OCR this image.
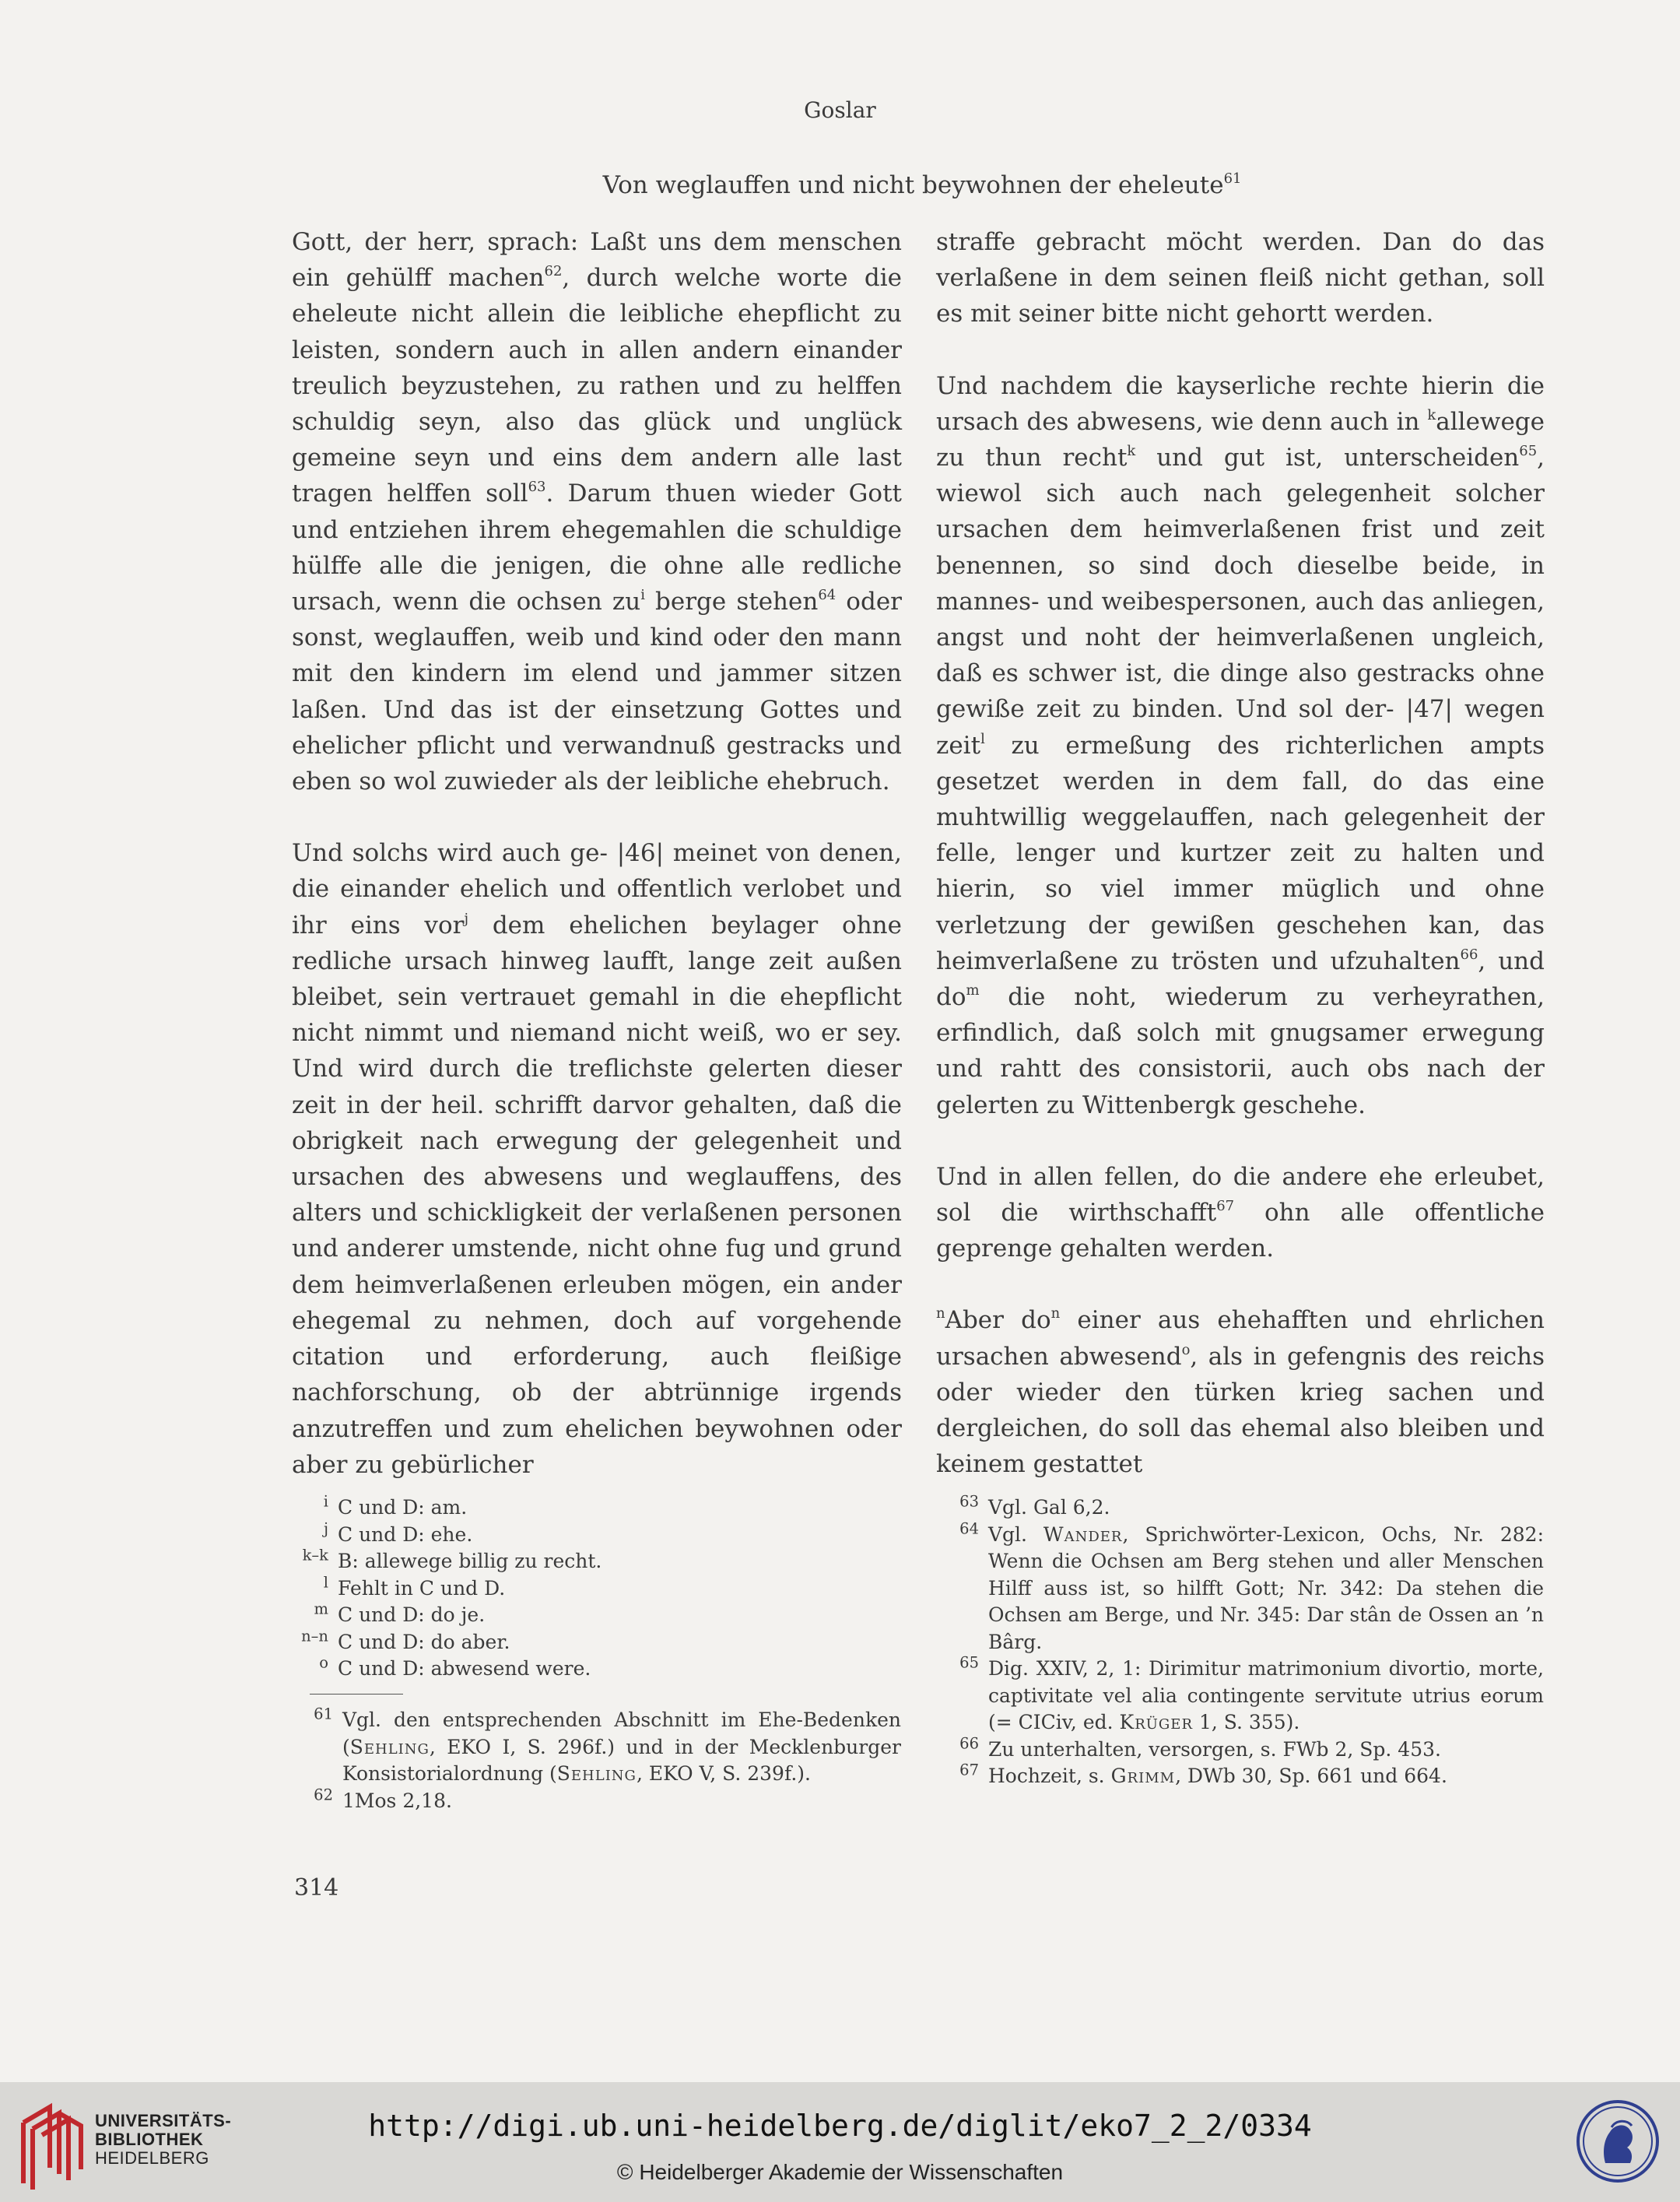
Goslar
Von weglauffen und nicht beywohnen der eheleute$^{61}$

Gott, der herr, sprach: Laßt uns dem menschen ein gehülff machen$^{62}$, durch welche worte die eheleute nicht allein die leibliche ehepflicht zu leisten, sondern auch in allen andern einander treulich beyzustehen, zu rathen und zu helffen schuldig seyn, also das glück und unglück gemeine seyn und eins dem andern alle last tragen helffen soll$^{63}$. Darum thuen wieder Gott und entziehen ihrem ehegemahlen die schuldige hülffe alle die jenigen, die ohne alle redliche ursach, wenn die ochsen $zu^i$ berge stehen$^{64}$ oder sonst, weglauffen, weib und kind oder den mann mit den kindern im elend und jammer sitzen laßen. Und das ist der einsetzung Gottes und ehelicher pflicht und verwandnuß gestracks und eben so wol zuwieder als der leibliche ehebruch.

Und solchs wird auch ge- |46| meinet von denen, die einander ehelich und offentlich verlobet und ihr eins vor$^j$ dem ehelichen beylager ohne redliche ursach hinweg laufft, lange zeit außen bleibet, sein vertrauet gemahl in die ehepflicht nicht nimmt und niemand nicht weiß, wo er sey. Und wird durch die treflichste gelerten dieser zeit in der heil. schrifft darvor gehalten, daß die obrigkeit nach erwegung der gelegenheit und ursachen des abwesens und weglauffens, des alters und schickligkeit der verlaßenen personen und anderer umstende, nicht ohne fug und grund dem heimverlaßenen erleuben mögen, ein ander ehegemal zu nehmen, doch auf vorgehende citation und erforderung, auch fleißige nachforschung, ob der abtrünnige irgends anzutreffen und zum ehelichen beywohnen oder aber zu gebürlicher

straffe gebracht möcht werden. Dan do das verlaßene in dem seinen fleiß nicht gethan, soll es mit seiner bitte nicht gehortt werden.

Und nachdem die kayserliche rechte hierin die ursach des abwesens, wie denn auch in $^k$allewege zu thun recht$^k$ und gut ist, unterscheiden$^{65}$, wiewol sich auch nach gelegenheit solcher ursachen dem heimverlaßenen frist und zeit benennen, so sind doch dieselbe beide, in mannes- und weibespersonen, auch das anliegen, angst und noht der heimverlaßenen ungleich, daß es schwer ist, die dinge also gestracks ohne gewiße zeit zu binden. Und sol der- |47| wegen zeit$^l$ zu ermeßung des richterlichen ampts gesetzet werden in dem fall, do das eine muhtwillig weggelauffen, nach gelegenheit der felle, lenger und kurtzer zeit zu halten und hierin, so viel immer müglich und ohne verletzung der gewißen geschehen kan, das heimverlaßene zu trösten und ufzuhalten$^{66}$, und $do^m$ die noht, wiederum zu verheyrathen, erfindlich, daß solch mit gnugsamer erwegung und rahtt des consistorii, auch obs nach der gelerten zu Wittenbergk geschehe.

Und in allen fellen, do die andere ehe erleubet, sol die wirthschafft$^{67}$ ohn alle offentliche geprenge gehalten werden.

$^n$Aber $do^n$ einer aus ehehafften und ehrlichen ursachen abwesend$^o$, als in gefengnis des reichs oder wieder den türken krieg sachen und dergleichen, do soll das ehemal also bleiben und keinem gestattet

$^i$ C und D: am.
$^j$ C und D: ehe.
$^{k-k}$ B: allewege billig zu recht.
$^l$ Fehlt in C und D.
$^m$ C und D: do je.
$^{n-n}$ C und D: do aber.
$^o$ C und D: abwesend were.
$^{61}$ Vgl. den entsprechenden Abschnitt im Ehe-Bedenken (Sehling, EKO I, S. 296f.) und in der Mecklenburger Konsistorialordnung (Sehling, EKO V, S. 239f.).
$^{62}$ 1Mos 2,18.
$^{63}$ Vgl. Gal 6,2.
$^{64}$ Vgl. Wander, Sprichwörter-Lexicon, Ochs, Nr. 282: Wenn die Ochsen am Berg stehen und aller Menschen Hilff auss ist, so hilfft Gott; Nr. 342: Da stehen die Ochsen am Berge, und Nr. 345: Dar stân de Ossen an ’n Bârg.
$^{65}$ Dig. XXIV, 2, 1: Dirimitur matrimonium divortio, morte, captivitate vel alia contingente servitute utrius eorum (= CICiv, ed. Krüger 1, S. 355).
$^{66}$ Zu unterhalten, versorgen, s. FWb 2, Sp. 453.
$^{67}$ Hochzeit, s. Grimm, DWb 30, Sp. 661 und 664.
314
UNIVERSITÄTS-
BIBLIOTHEK
HEIDELBERG
http://digi.ub.uni-heidelberg.de/diglit/eko7_2_2/0334
© Heidelberger Akademie der Wissenschaften
